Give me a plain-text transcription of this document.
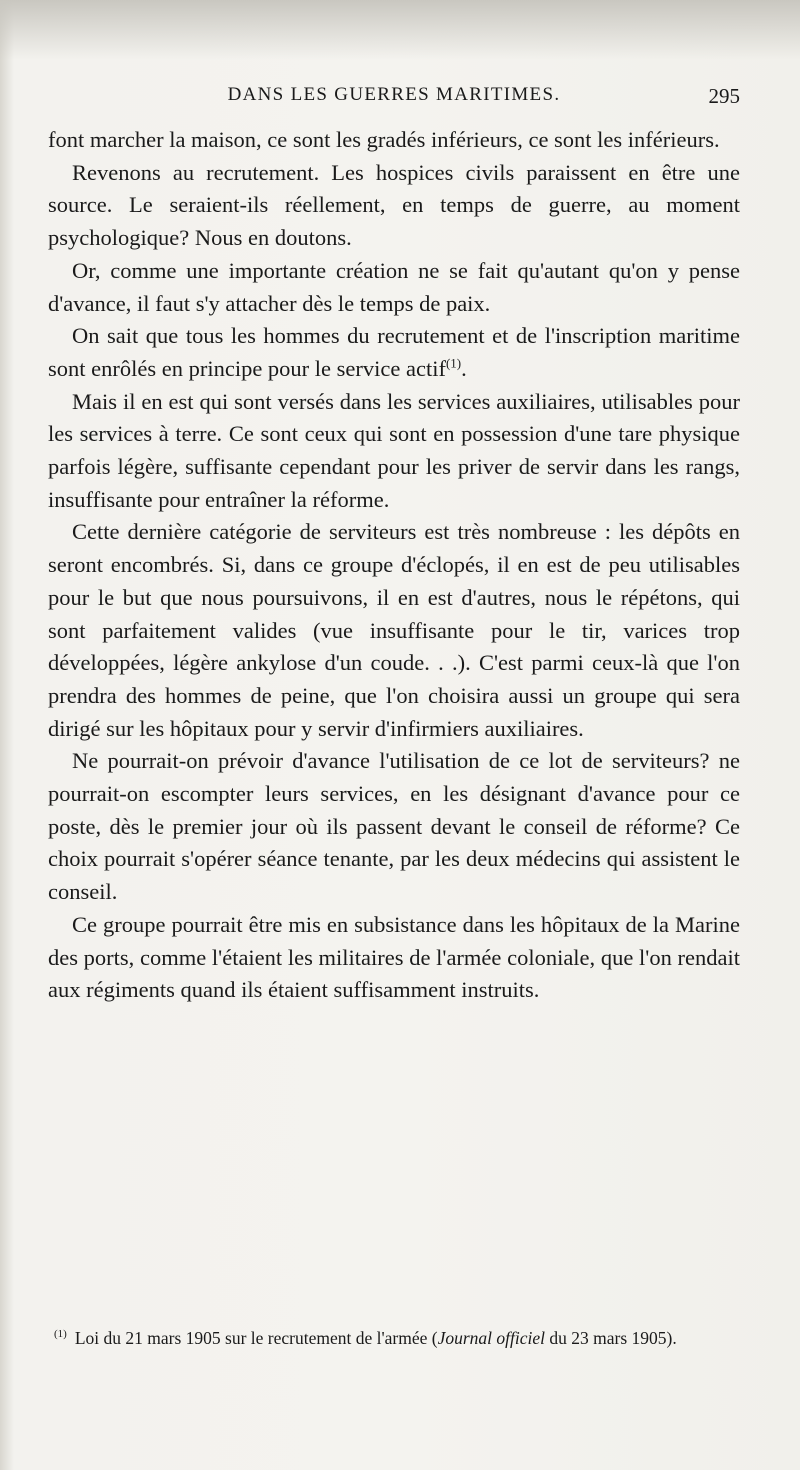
DANS LES GUERRES MARITIMES.	295

font marcher la maison, ce sont les gradés inférieurs, ce sont les inférieurs.

Revenons au recrutement. Les hospices civils paraissent en être une source. Le seraient-ils réellement, en temps de guerre, au moment psychologique? Nous en doutons.

Or, comme une importante création ne se fait qu'autant qu'on y pense d'avance, il faut s'y attacher dès le temps de paix.

On sait que tous les hommes du recrutement et de l'inscription maritime sont enrôlés en principe pour le service actif$^{(1)}$.

Mais il en est qui sont versés dans les services auxiliaires, utilisables pour les services à terre. Ce sont ceux qui sont en possession d'une tare physique parfois légère, suffisante cependant pour les priver de servir dans les rangs, insuffisante pour entraîner la réforme.

Cette dernière catégorie de serviteurs est très nombreuse : les dépôts en seront encombrés. Si, dans ce groupe d'éclopés, il en est de peu utilisables pour le but que nous poursuivons, il en est d'autres, nous le répétons, qui sont parfaitement valides (vue insuffisante pour le tir, varices trop développées, légère ankylose d'un coude. . .). C'est parmi ceux-là que l'on prendra des hommes de peine, que l'on choisira aussi un groupe qui sera dirigé sur les hôpitaux pour y servir d'infirmiers auxiliaires.

Ne pourrait-on prévoir d'avance l'utilisation de ce lot de serviteurs? ne pourrait-on escompter leurs services, en les désignant d'avance pour ce poste, dès le premier jour où ils passent devant le conseil de réforme? Ce choix pourrait s'opérer séance tenante, par les deux médecins qui assistent le conseil.

Ce groupe pourrait être mis en subsistance dans les hôpitaux de la Marine des ports, comme l'étaient les militaires de l'armée coloniale, que l'on rendait aux régiments quand ils étaient suffisamment instruits.

$^{(1)}$ Loi du 21 mars 1905 sur le recrutement de l'armée (Journal officiel du 23 mars 1905).
